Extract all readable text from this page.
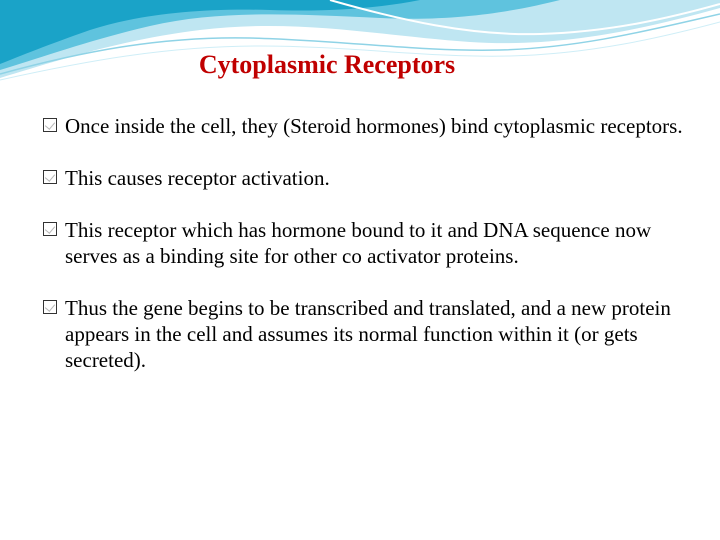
Cytoplasmic Receptors
Once inside the cell, they (Steroid hormones) bind cytoplasmic receptors.
This causes receptor activation.
This receptor which has hormone bound to it and DNA sequence now serves as a binding site for other co activator proteins.
Thus the gene begins to be transcribed and translated, and a new protein appears in the cell and assumes its normal function within it (or gets secreted).
